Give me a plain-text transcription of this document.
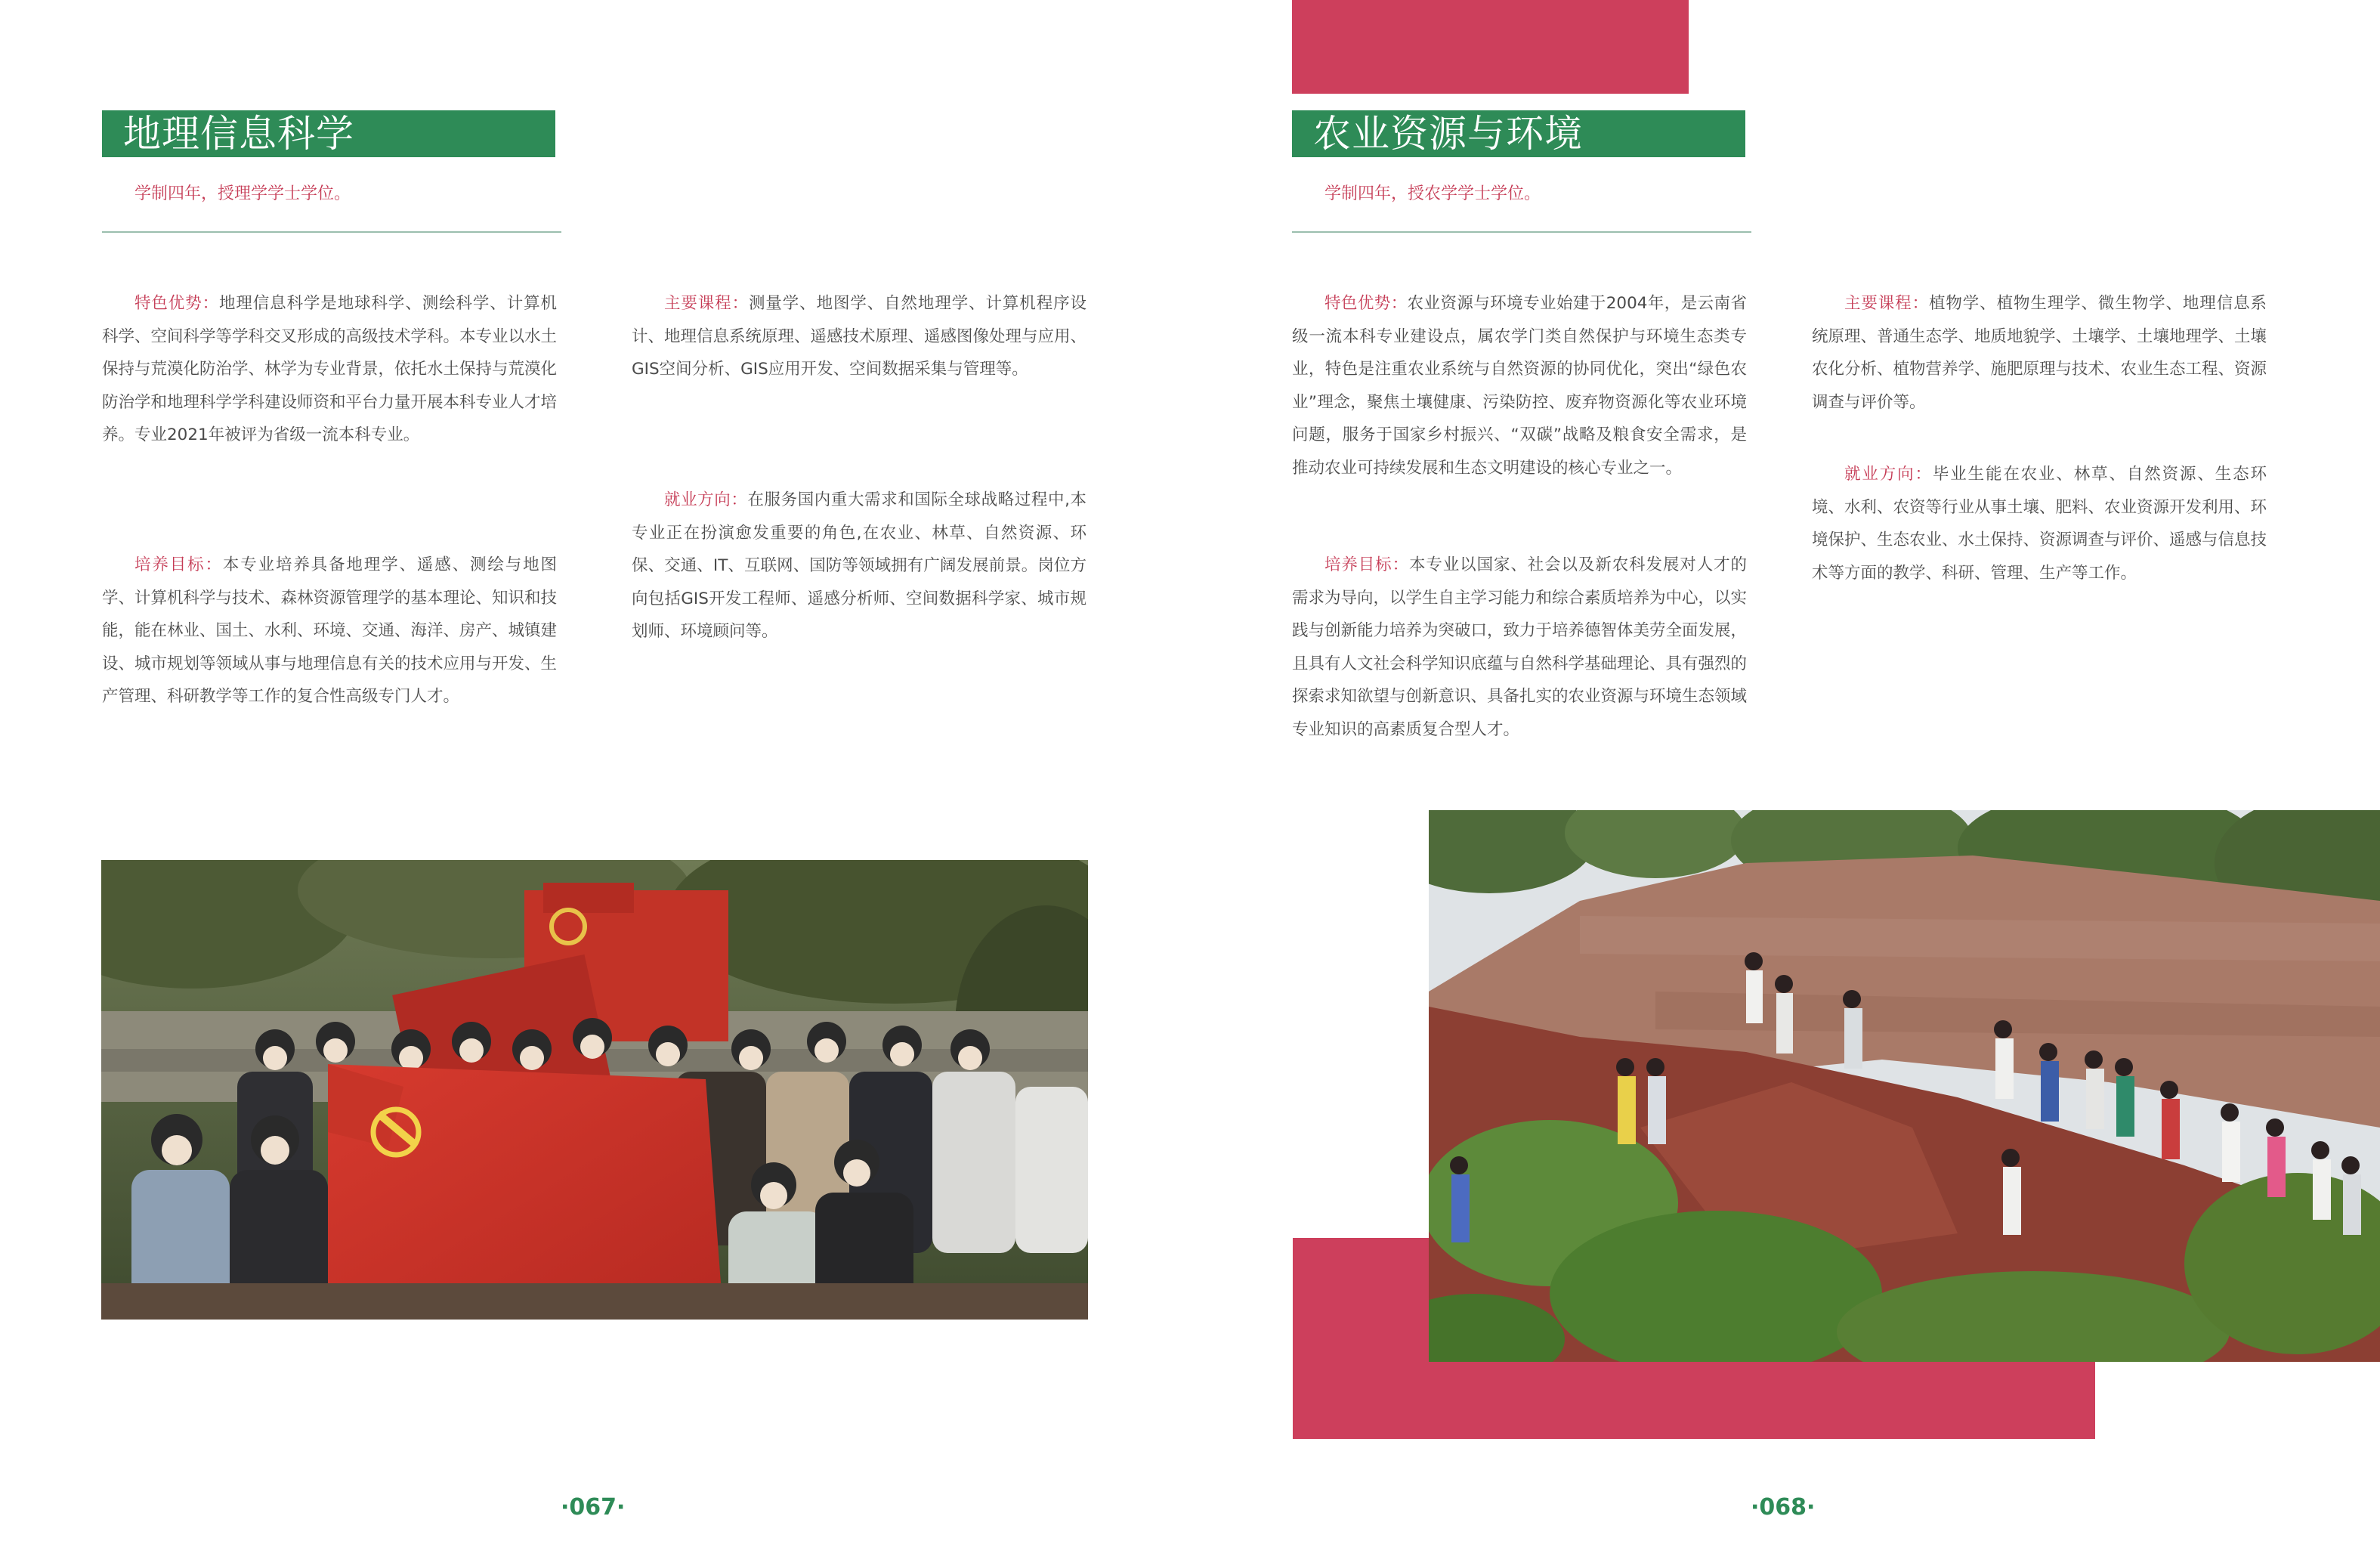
地理信息科学
学制四年，授理学学士学位。

特色优势：地理信息科学是地球科学、测绘科学、计算机科学、空间科学等学科交叉形成的高级技术学科。本专业以水土保持与荒漠化防治学、林学为专业背景，依托水土保持与荒漠化防治学和地理科学学科建设师资和平台力量开展本科专业人才培养。专业2021年被评为省级一流本科专业。

培养目标：本专业培养具备地理学、遥感、测绘与地图学、计算机科学与技术、森林资源管理学的基本理论、知识和技能，能在林业、国土、水利、环境、交通、海洋、房产、城镇建设、城市规划等领域从事与地理信息有关的技术应用与开发、生产管理、科研教学等工作的复合性高级专门人才。

主要课程：测量学、地图学、自然地理学、计算机程序设计、地理信息系统原理、遥感技术原理、遥感图像处理与应用、GIS空间分析、GIS应用开发、空间数据采集与管理等。

就业方向：在服务国内重大需求和国际全球战略过程中,本专业正在扮演愈发重要的角色,在农业、林草、自然资源、环保、交通、IT、互联网、国防等领域拥有广阔发展前景。岗位方向包括GIS开发工程师、遥感分析师、空间数据科学家、城市规划师、环境顾问等。

·067·
农业资源与环境
学制四年，授农学学士学位。

特色优势：农业资源与环境专业始建于2004年，是云南省级一流本科专业建设点，属农学门类自然保护与环境生态类专业，特色是注重农业系统与自然资源的协同优化，突出“绿色农业”理念，聚焦土壤健康、污染防控、废弃物资源化等农业环境问题，服务于国家乡村振兴、“双碳”战略及粮食安全需求，是推动农业可持续发展和生态文明建设的核心专业之一。

培养目标：本专业以国家、社会以及新农科发展对人才的需求为导向，以学生自主学习能力和综合素质培养为中心，以实践与创新能力培养为突破口，致力于培养德智体美劳全面发展，且具有人文社会科学知识底蕴与自然科学基础理论、具有强烈的探索求知欲望与创新意识、具备扎实的农业资源与环境生态领域专业知识的高素质复合型人才。

主要课程：植物学、植物生理学、微生物学、地理信息系统原理、普通生态学、地质地貌学、土壤学、土壤地理学、土壤农化分析、植物营养学、施肥原理与技术、农业生态工程、资源调查与评价等。

就业方向：毕业生能在农业、林草、自然资源、生态环境、水利、农资等行业从事土壤、肥料、农业资源开发利用、环境保护、生态农业、水土保持、资源调查与评价、遥感与信息技术等方面的教学、科研、管理、生产等工作。

·068·
